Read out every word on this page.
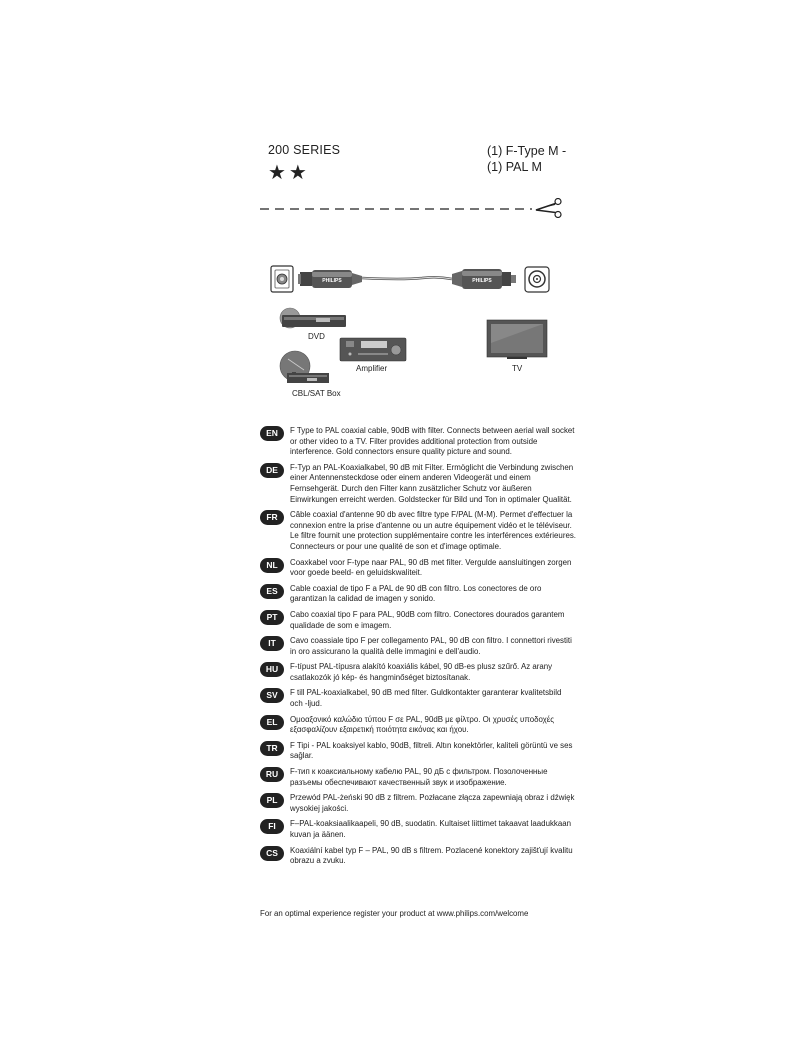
200 SERIES
★★
(1) F-Type M -
(1) PAL M
PHILIPS	PHILIPS
DVD
Amplifier	TV
CBL/SAT Box
EN	F Type to PAL coaxial cable, 90dB with filter. Connects between aerial wall socket or other video to a TV. Filter provides additional protection from outside interference. Gold connectors ensure quality picture and sound.
DE	F-Typ an PAL-Koaxialkabel, 90 dB mit Filter. Ermöglicht die Verbindung zwischen einer Antennensteckdose oder einem anderen Videogerät und einem Fernsehgerät. Durch den Filter kann zusätzlicher Schutz vor äußeren Einwirkungen erreicht werden. Goldstecker für Bild und Ton in optimaler Qualität.
FR	Câble coaxial d'antenne 90 db avec filtre type F/PAL (M-M). Permet d'effectuer la connexion entre la prise d'antenne ou un autre équipement vidéo et le téléviseur. Le filtre fournit une protection supplémentaire contre les interférences extérieures. Connecteurs or pour une qualité de son et d'image optimale.
NL	Coaxkabel voor F-type naar PAL, 90 dB met filter. Vergulde aansluitingen zorgen voor goede beeld- en geluidskwaliteit.
ES	Cable coaxial de tipo F a PAL de 90 dB con filtro. Los conectores de oro garantizan la calidad de imagen y sonido.
PT	Cabo coaxial tipo F para PAL, 90dB com filtro. Conectores dourados garantem qualidade de som e imagem.
IT	Cavo coassiale tipo F per collegamento PAL, 90 dB con filtro. I connettori rivestiti in oro assicurano la qualità delle immagini e dell'audio.
HU	F-típust PAL-típusra alakító koaxiális kábel, 90 dB-es plusz szűrő. Az arany csatlakozók jó kép- és hangminőséget biztosítanak.
SV	F till PAL-koaxialkabel, 90 dB med filter. Guldkontakter garanterar kvalitetsbild och -ljud.
EL	Ομοαξονικό καλώδιο τύπου F σε PAL, 90dB με φίλτρο. Οι χρυσές υποδοχές εξασφαλίζουν εξαιρετική ποιότητα εικόνας και ήχου.
TR	F Tipi - PAL koaksiyel kablo, 90dB, filtreli. Altın konektörler, kaliteli görüntü ve ses sağlar.
RU	F-тип к коаксиальному кабелю PAL, 90 дБ с фильтром. Позолоченные разъемы обеспечивают качественный звук и изображение.
PL	Przewód PAL-żeński 90 dB z filtrem. Pozłacane złącza zapewniają obraz i dźwięk wysokiej jakości.
FI	F–PAL-koaksiaalikaapeli, 90 dB, suodatin. Kultaiset liittimet takaavat laadukkaan kuvan ja äänen.
CS	Koaxiální kabel typ F – PAL, 90 dB s filtrem. Pozlacené konektory zajišťují kvalitu obrazu a zvuku.
For an optimal experience register your product at www.philips.com/welcome
